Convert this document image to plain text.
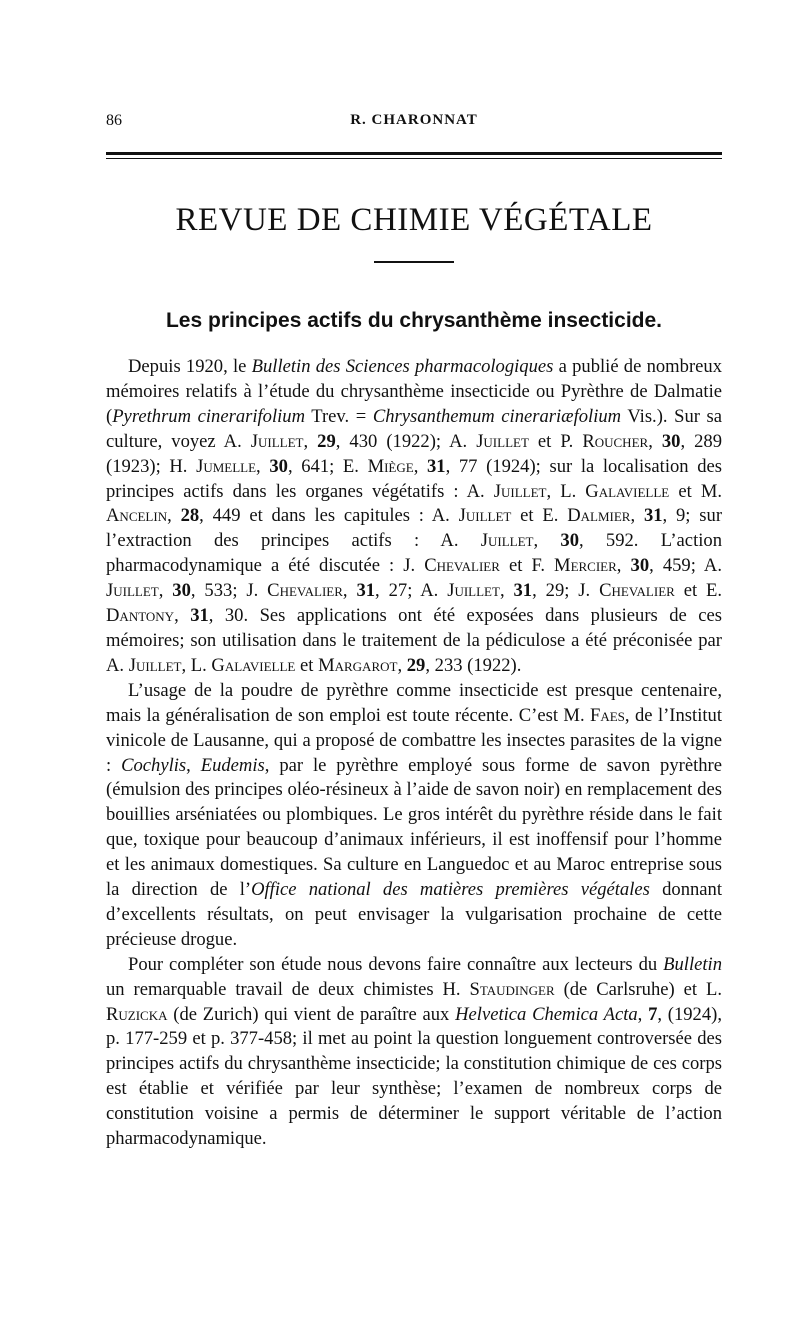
86	R. CHARONNAT
REVUE DE CHIMIE VÉGÉTALE
Les principes actifs du chrysanthème insecticide.

Depuis 1920, le Bulletin des Sciences pharmacologiques a publié de nombreux mémoires relatifs à l’étude du chrysanthème insecticide ou Pyrèthre de Dalmatie (Pyrethrum cinerarifolium Trev. = Chrysanthemum cinerariæfolium Vis.). Sur sa culture, voyez A. Juillet, 29, 430 (1922); A. Juillet et P. Roucher, 30, 289 (1923); H. Jumelle, 30, 641; E. Miège, 31, 77 (1924); sur la localisation des principes actifs dans les organes végétatifs : A. Juillet, L. Galavielle et M. Ancelin, 28, 449 et dans les capitules : A. Juillet et E. Dalmier, 31, 9; sur l’extraction des principes actifs : A. Juillet, 30, 592. L’action pharmacodynamique a été discutée : J. Chevalier et F. Mercier, 30, 459; A. Juillet, 30, 533; J. Chevalier, 31, 27; A. Juillet, 31, 29; J. Chevalier et E. Dantony, 31, 30. Ses applications ont été exposées dans plusieurs de ces mémoires; son utilisation dans le traitement de la pédiculose a été préconisée par A. Juillet, L. Galavielle et Margarot, 29, 233 (1922).

L’usage de la poudre de pyrèthre comme insecticide est presque centenaire, mais la généralisation de son emploi est toute récente. C’est M. Faes, de l’Institut vinicole de Lausanne, qui a proposé de combattre les insectes parasites de la vigne : Cochylis, Eudemis, par le pyrèthre employé sous forme de savon pyrèthre (émulsion des principes oléo-résineux à l’aide de savon noir) en remplacement des bouillies arséniatées ou plombiques. Le gros intérêt du pyrèthre réside dans le fait que, toxique pour beaucoup d’animaux inférieurs, il est inoffensif pour l’homme et les animaux domestiques. Sa culture en Languedoc et au Maroc entreprise sous la direction de l’Office national des matières premières végétales donnant d’excellents résultats, on peut envisager la vulgarisation prochaine de cette précieuse drogue.

Pour compléter son étude nous devons faire connaître aux lecteurs du Bulletin un remarquable travail de deux chimistes H. Staudinger (de Carlsruhe) et L. Ruzicka (de Zurich) qui vient de paraître aux Helvetica Chemica Acta, 7, (1924), p. 177-259 et p. 377-458; il met au point la question longuement controversée des principes actifs du chrysanthème insecticide; la constitution chimique de ces corps est établie et vérifiée par leur synthèse; l’examen de nombreux corps de constitution voisine a permis de déterminer le support véritable de l’action pharmacodynamique.
